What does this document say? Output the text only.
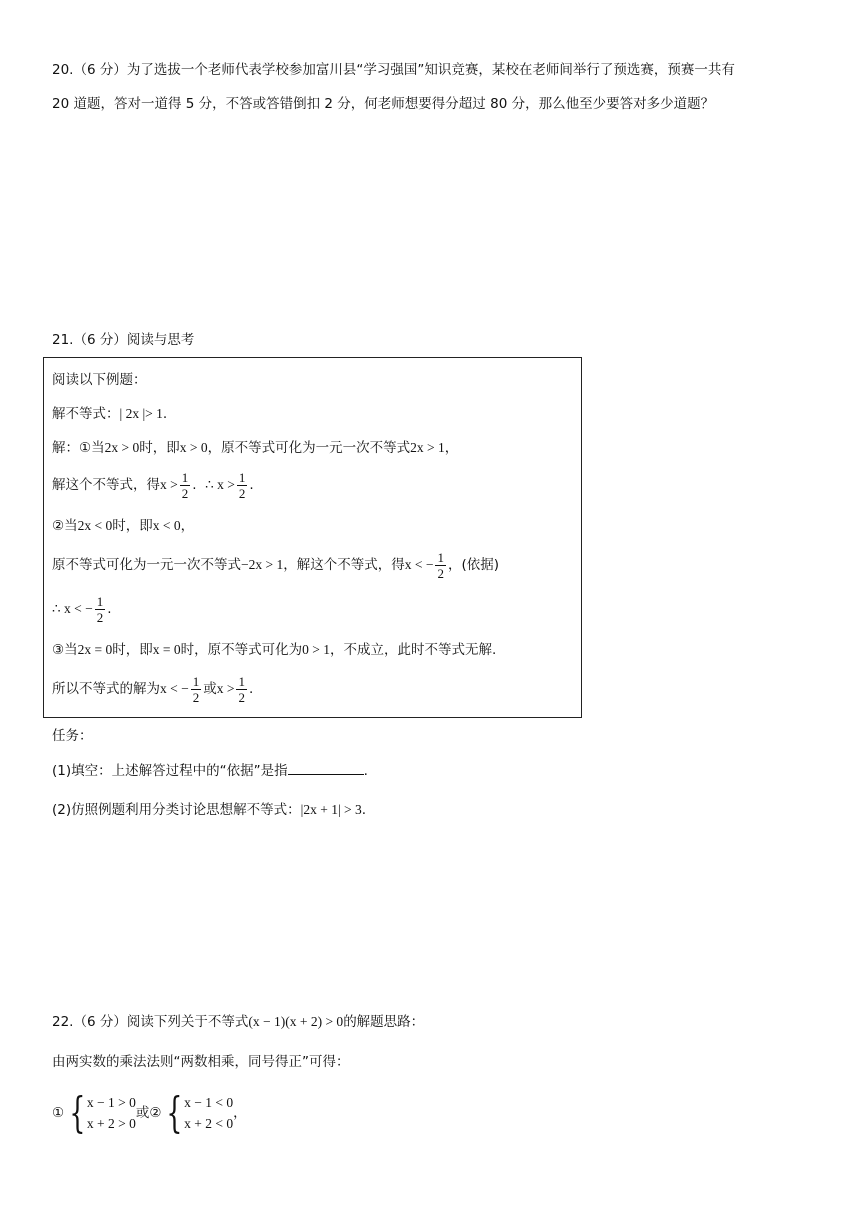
20.（6 分）为了选拔一个老师代表学校参加富川县“学习强国”知识竞赛，某校在老师间举行了预选赛，预赛一共有
20 道题，答对一道得 5 分，不答或答错倒扣 2 分，何老师想要得分超过 80 分，那么他至少要答对多少道题？
21.（6 分）阅读与思考
阅读以下例题：
解不等式：| 2x |> 1.
解：①当2x > 0时，即x > 0，原不等式可化为一元一次不等式2x > 1，
解这个不等式，得$x > \frac{1}{2}$ .  ∴ $x > \frac{1}{2}$ .
②当2x < 0时，即x < 0，
原不等式可化为一元一次不等式−2x > 1，解这个不等式，得x < − $\frac{1}{2}$ ，(依据)
∴ x < − $\frac{1}{2}$ .
③当2x = 0时，即x = 0时，原不等式可化为0 > 1，不成立，此时不等式无解.
所以不等式的解为x < − $\frac{1}{2}$ 或$x > \frac{1}{2}$ .
任务：
(1)填空：上述解答过程中的“依据”是指	.
(2)仿照例题利用分类讨论思想解不等式：|2x + 1| > 3.
22.（6 分）阅读下列关于不等式(x − 1)(x + 2) > 0的解题思路：
由两实数的乘法法则“两数相乘，同号得正”可得：
① { x − 1 > 0
x + 2 > 0
或② { x − 1 < 0
x + 2 < 0
，
